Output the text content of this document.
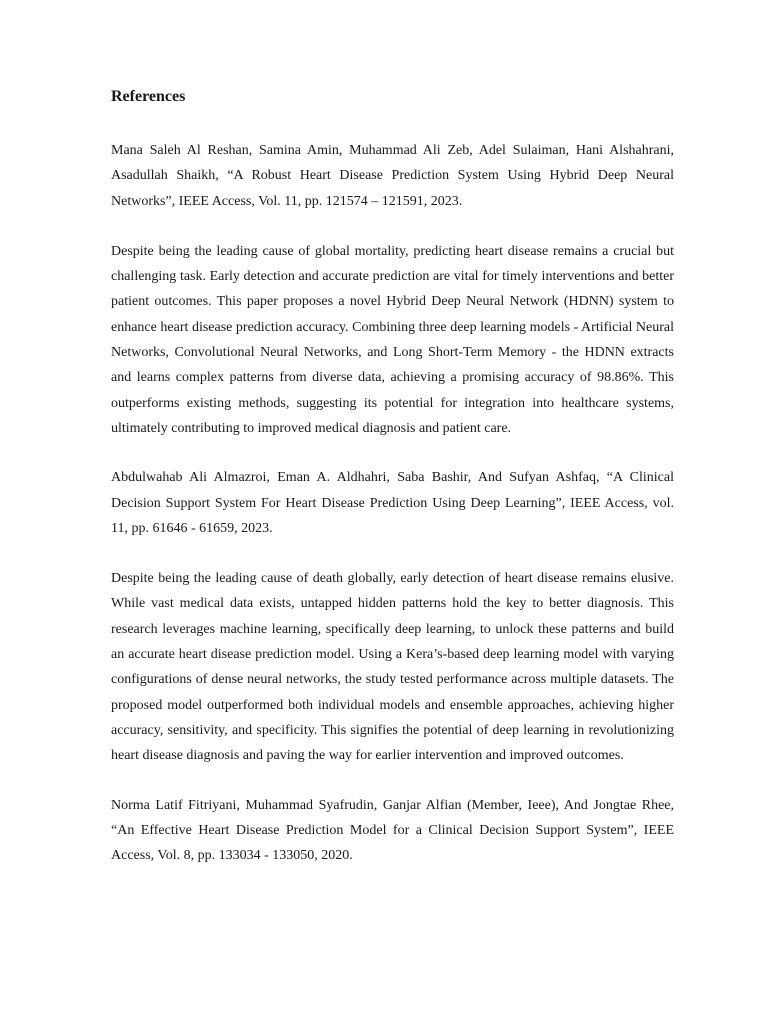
References

Mana Saleh Al Reshan, Samina Amin, Muhammad Ali Zeb, Adel Sulaiman, Hani Alshahrani, Asadullah Shaikh, “A Robust Heart Disease Prediction System Using Hybrid Deep Neural Networks”, IEEE Access, Vol. 11, pp. 121574 – 121591, 2023.

Despite being the leading cause of global mortality, predicting heart disease remains a crucial but challenging task. Early detection and accurate prediction are vital for timely interventions and better patient outcomes. This paper proposes a novel Hybrid Deep Neural Network (HDNN) system to enhance heart disease prediction accuracy. Combining three deep learning models - Artificial Neural Networks, Convolutional Neural Networks, and Long Short-Term Memory - the HDNN extracts and learns complex patterns from diverse data, achieving a promising accuracy of 98.86%. This outperforms existing methods, suggesting its potential for integration into healthcare systems, ultimately contributing to improved medical diagnosis and patient care.

Abdulwahab Ali Almazroi, Eman A. Aldhahri, Saba Bashir, And Sufyan Ashfaq, “A Clinical Decision Support System For Heart Disease Prediction Using Deep Learning”, IEEE Access, vol. 11, pp. 61646 - 61659, 2023.

Despite being the leading cause of death globally, early detection of heart disease remains elusive. While vast medical data exists, untapped hidden patterns hold the key to better diagnosis. This research leverages machine learning, specifically deep learning, to unlock these patterns and build an accurate heart disease prediction model. Using a Kera’s-based deep learning model with varying configurations of dense neural networks, the study tested performance across multiple datasets. The proposed model outperformed both individual models and ensemble approaches, achieving higher accuracy, sensitivity, and specificity. This signifies the potential of deep learning in revolutionizing heart disease diagnosis and paving the way for earlier intervention and improved outcomes.

Norma Latif Fitriyani, Muhammad Syafrudin, Ganjar Alfian (Member, Ieee), And Jongtae Rhee, “An Effective Heart Disease Prediction Model for a Clinical Decision Support System”, IEEE Access, Vol. 8, pp. 133034 - 133050, 2020.
